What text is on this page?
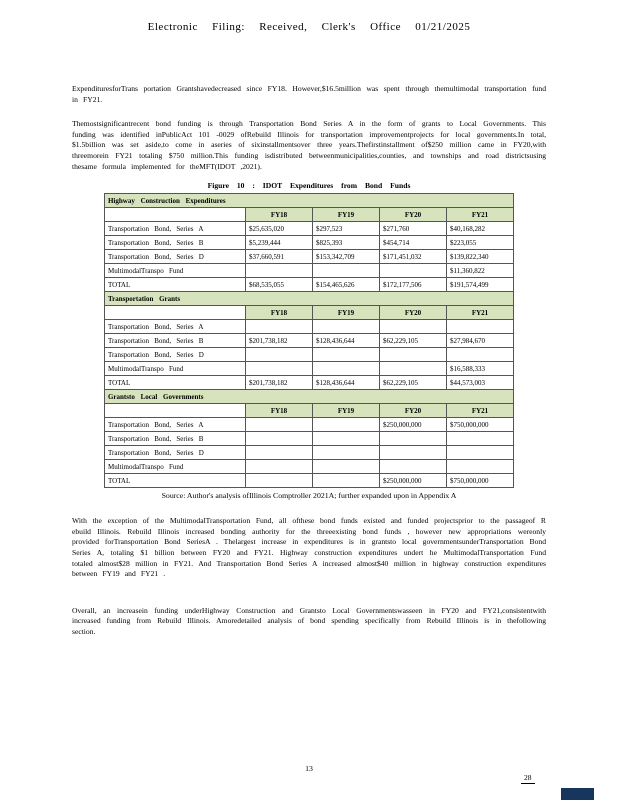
Electronic Filing: Received, Clerk's Office 01/21/2025

ExpendituresforTrans portation Grantshavedecreased since FY18. However,$16.5million was spent through themultimodal transportation fund in FY21.

Themostsignificantrecent bond funding is through Transportation Bond Series A in the form of grants to Local Governments. This funding was identified inPublicAct 101 -0029 ofRebuild Illinois for transportation improvementprojects for local governments.In total, $1.5billion was set aside,to come in aseries of sixinstallmentsover three years.Thefirstinstallment of$250 million came in FY20,with threemorein FY21 totaling $750 million.This funding isdistributed betweenmunicipalities,counties, and townships and road districtsusing thesame formula implemented for theMFT(IDOT ,2021).

Figure 10 : IDOT Expenditures from Bond Funds
Highway Construction Expenditures				
	FY18	FY19	FY20	FY21
Transportation Bond, Series A	$25,635,020	$297,523	$271,760	$40,168,282
Transportation Bond, Series B	$5,239,444	$825,393	$454,714	$223,055
Transportation Bond, Series D	$37,660,591	$153,342,709	$171,451,032	$139,822,340
MultimodalTranspo Fund				$11,360,822
TOTAL	$68,535,055	$154,465,626	$172,177,506	$191,574,499
Transportation Grants				
	FY18	FY19	FY20	FY21
Transportation Bond, Series A				
Transportation Bond, Series B	$201,738,182	$128,436,644	$62,229,105	$27,984,670
Transportation Bond, Series D				
MultimodalTranspo Fund				$16,588,333
TOTAL	$201,738,182	$128,436,644	$62,229,105	$44,573,003
Grantsto Local Governments				
	FY18	FY19	FY20	FY21
Transportation Bond, Series A			$250,000,000	$750,000,000
Transportation Bond, Series B				
Transportation Bond, Series D				
MultimodalTranspo Fund				
TOTAL			$250,000,000	$750,000,000
Source: Author's analysis ofIllinois Comptroller 2021A; further expanded upon in Appendix A

With the exception of the MultimodalTransportation Fund, all ofthese bond funds existed and funded projectsprior to the passageof R ebuild Illinois. Rebuild Illinois increased bonding authority for the threeexisting bond funds , however new appropriations wereonly provided forTransportation Bond SeriesA . Thelargest increase in expenditures is in grantsto local governmentsunderTransportation Bond Series A, totaling $1 billion between FY20 and FY21. Highway construction expenditures undert he MultimodalTransportation Fund totaled almost$28 million in FY21. And Transportation Bond Series A increased almost$40 million in highway construction expenditures between FY19 and FY21 .

Overall, an increasein funding underHighway Construction and Grantsto Local Governmentswasseen in FY20 and FY21,consistentwith increased funding from Rebuild Illinois. Amoredetailed analysis of bond spending specifically from Rebuild Illinois is in thefollowing section.

13
28
